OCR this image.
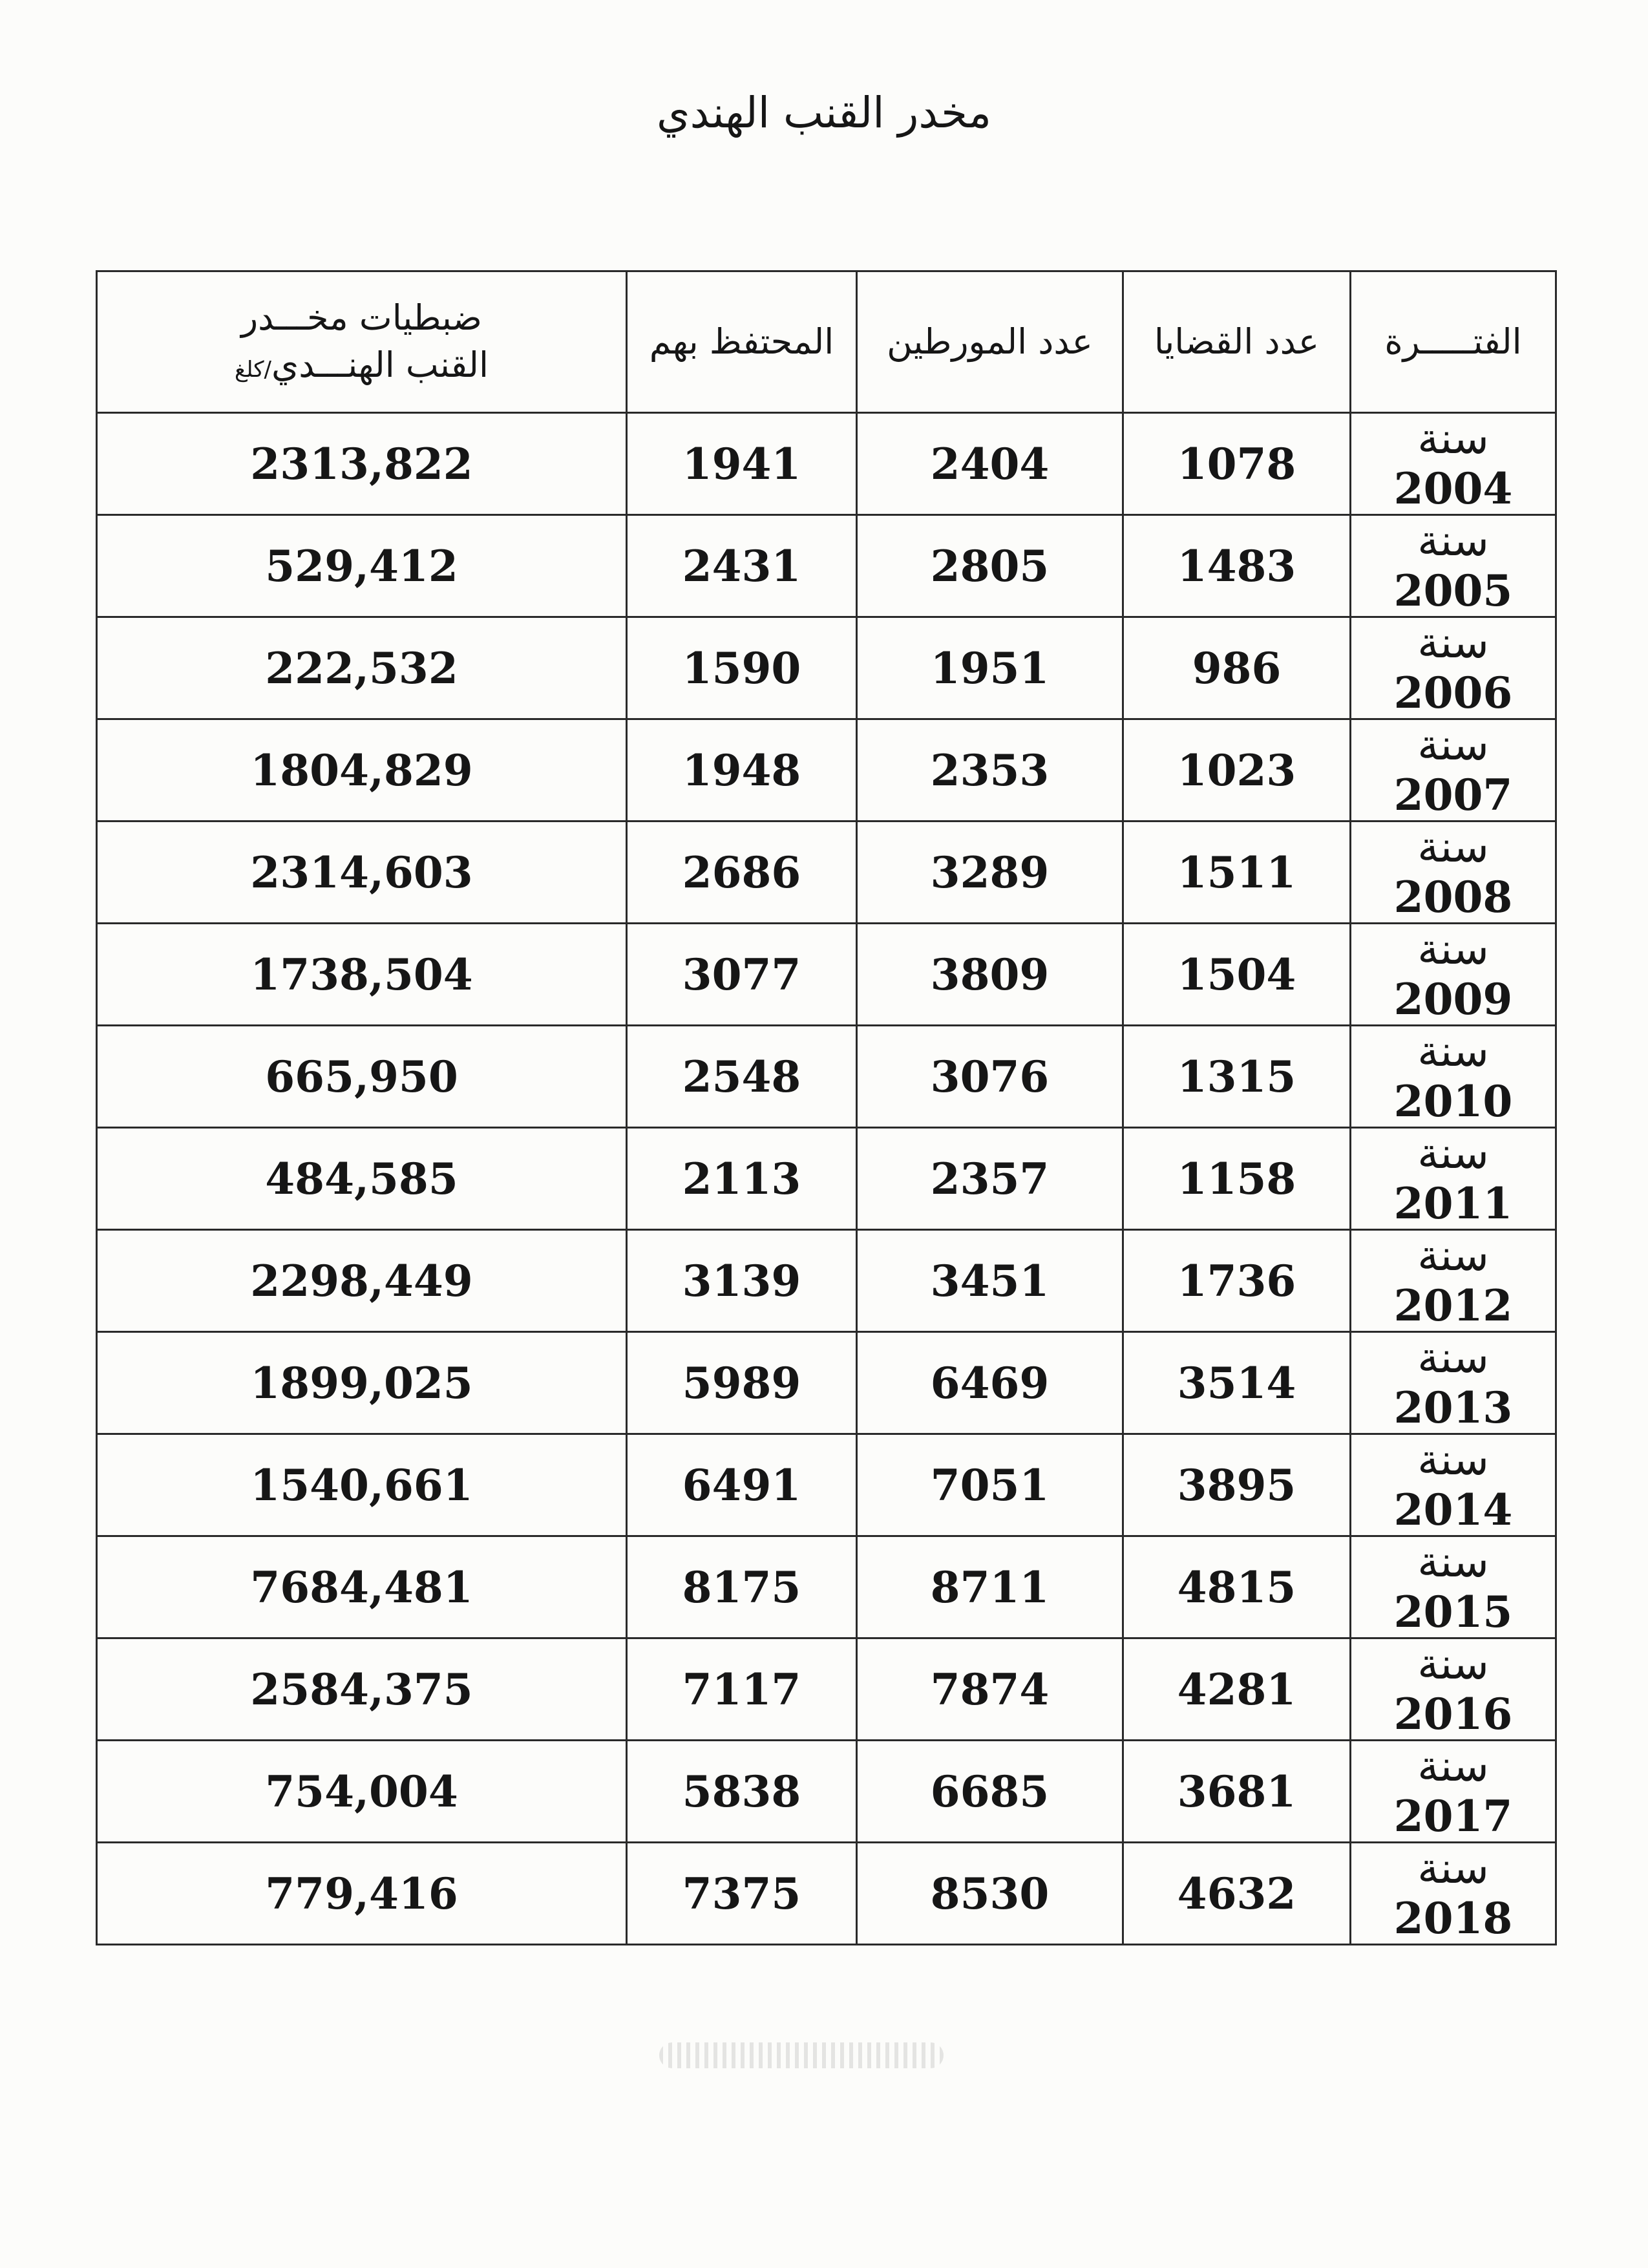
مخدر القنب الهندي
الفتـــــرة	عدد القضايا	عدد المورطين	المحتفظ بهم	ضبطيات مخـــدر
القنب الهنـــدي/كلغ

سنة 2004	1078	2404	1941	2313,822
سنة 2005	1483	2805	2431	529,412
سنة 2006	986	1951	1590	222,532
سنة 2007	1023	2353	1948	1804,829
سنة 2008	1511	3289	2686	2314,603
سنة 2009	1504	3809	3077	1738,504
سنة 2010	1315	3076	2548	665,950
سنة 2011	1158	2357	2113	484,585
سنة 2012	1736	3451	3139	2298,449
سنة 2013	3514	6469	5989	1899,025
سنة 2014	3895	7051	6491	1540,661
سنة 2015	4815	8711	8175	7684,481
سنة 2016	4281	7874	7117	2584,375
سنة 2017	3681	6685	5838	754,004
سنة 2018	4632	8530	7375	779,416
